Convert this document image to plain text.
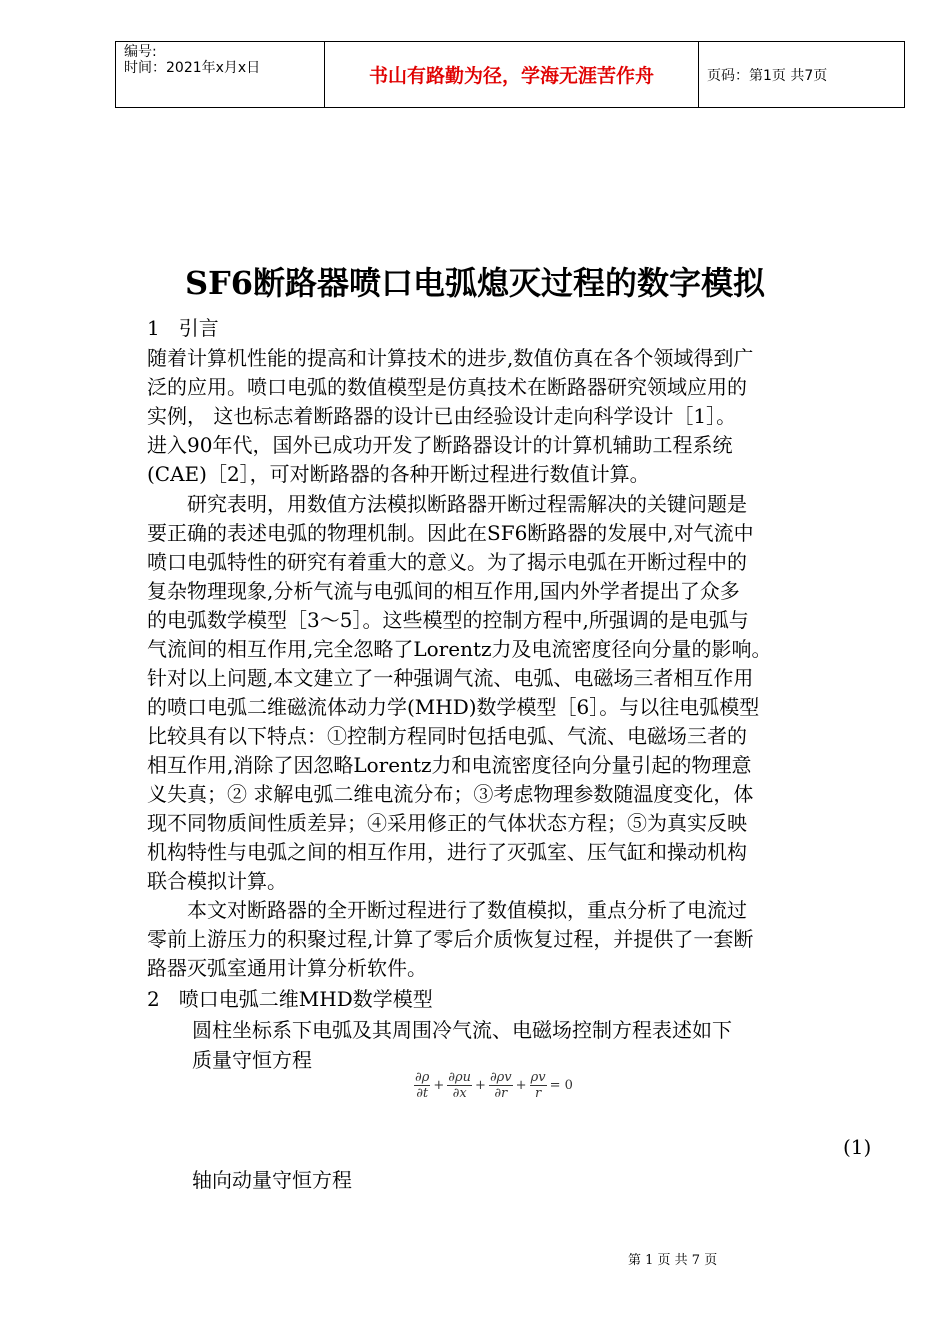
编号:
时间：2021年x月x日	书山有路勤为径，学海无涯苦作舟	页码：第1页 共7页
SF6断路器喷口电弧熄灭过程的数字模拟
1   引言
随着计算机性能的提高和计算技术的进步,数值仿真在各个领域得到广
泛的应用。喷口电弧的数值模型是仿真技术在断路器研究领域应用的
实例， 这也标志着断路器的设计已由经验设计走向科学设计［1］。
进入90年代，国外已成功开发了断路器设计的计算机辅助工程系统
(CAE)［2］，可对断路器的各种开断过程进行数值计算。
研究表明，用数值方法模拟断路器开断过程需解决的关键问题是
要正确的表述电弧的物理机制。因此在SF6断路器的发展中,对气流中
喷口电弧特性的研究有着重大的意义。为了揭示电弧在开断过程中的
复杂物理现象,分析气流与电弧间的相互作用,国内外学者提出了众多
的电弧数学模型［3～5］。这些模型的控制方程中,所强调的是电弧与
气流间的相互作用,完全忽略了Lorentz力及电流密度径向分量的影响。
针对以上问题,本文建立了一种强调气流、电弧、电磁场三者相互作用
的喷口电弧二维磁流体动力学(MHD)数学模型［6］。与以往电弧模型
比较具有以下特点：①控制方程同时包括电弧、气流、电磁场三者的
相互作用,消除了因忽略Lorentz力和电流密度径向分量引起的物理意
义失真；② 求解电弧二维电流分布；③考虑物理参数随温度变化，体
现不同物质间性质差异；④采用修正的气体状态方程；⑤为真实反映
机构特性与电弧之间的相互作用，进行了灭弧室、压气缸和操动机构
联合模拟计算。
本文对断路器的全开断过程进行了数值模拟，重点分析了电流过
零前上游压力的积聚过程,计算了零后介质恢复过程，并提供了一套断
路器灭弧室通用计算分析软件。
2   喷口电弧二维MHD数学模型
圆柱坐标系下电弧及其周围冷气流、电磁场控制方程表述如下
质量守恒方程
$\frac{\partial\rho}{\partial t} + \frac{\partial\rho u}{\partial x} + \frac{\partial\rho v}{\partial r} + \frac{\rho v}{r} = 0$
(1)
轴向动量守恒方程
第 1 页 共 7 页
